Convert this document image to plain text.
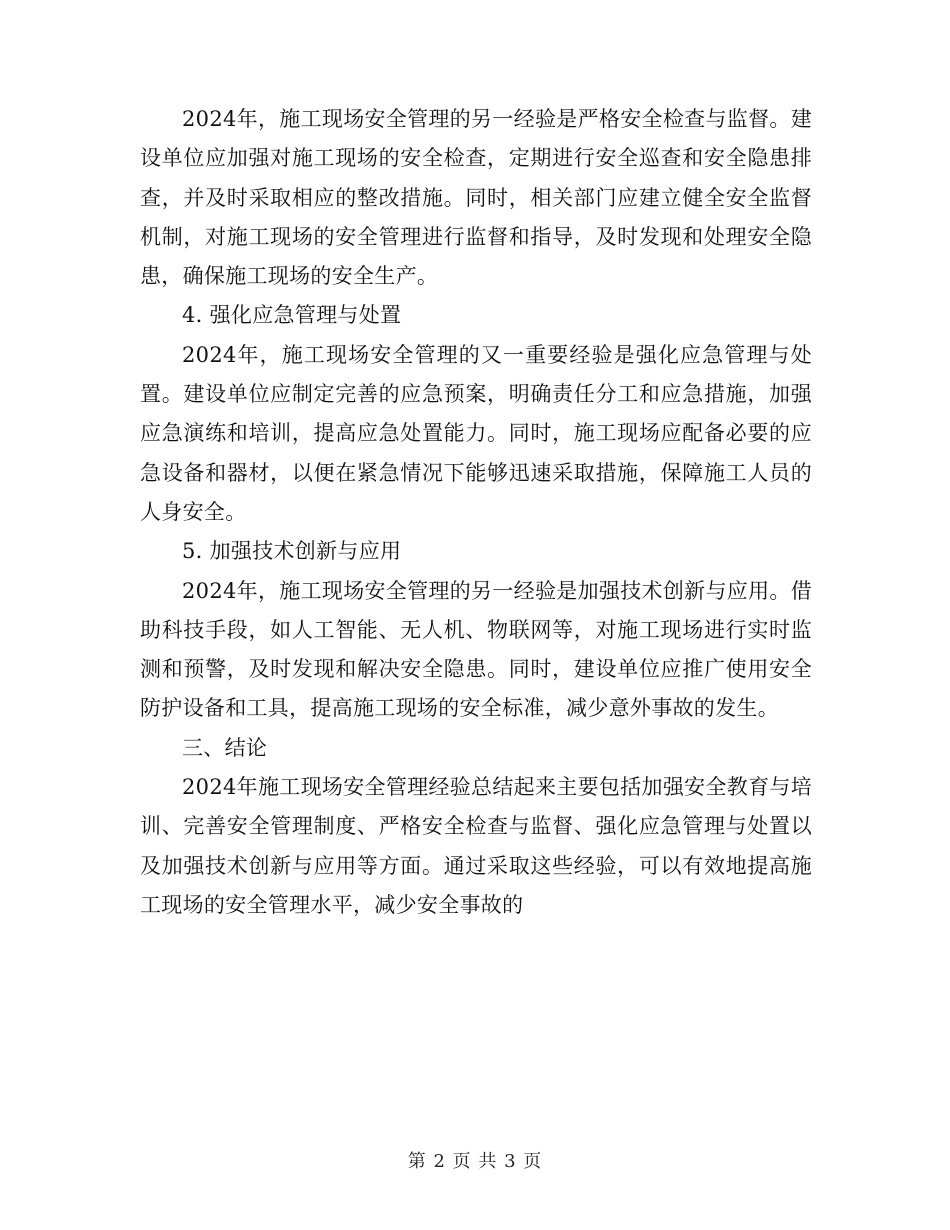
2024年，施工现场安全管理的另一经验是严格安全检查与监督。建设单位应加强对施工现场的安全检查，定期进行安全巡查和安全隐患排查，并及时采取相应的整改措施。同时，相关部门应建立健全安全监督机制，对施工现场的安全管理进行监督和指导，及时发现和处理安全隐患，确保施工现场的安全生产。

4. 强化应急管理与处置

2024年，施工现场安全管理的又一重要经验是强化应急管理与处置。建设单位应制定完善的应急预案，明确责任分工和应急措施，加强应急演练和培训，提高应急处置能力。同时，施工现场应配备必要的应急设备和器材，以便在紧急情况下能够迅速采取措施，保障施工人员的人身安全。

5. 加强技术创新与应用

2024年，施工现场安全管理的另一经验是加强技术创新与应用。借助科技手段，如人工智能、无人机、物联网等，对施工现场进行实时监测和预警，及时发现和解决安全隐患。同时，建设单位应推广使用安全防护设备和工具，提高施工现场的安全标准，减少意外事故的发生。

三、结论

2024年施工现场安全管理经验总结起来主要包括加强安全教育与培训、完善安全管理制度、严格安全检查与监督、强化应急管理与处置以及加强技术创新与应用等方面。通过采取这些经验，可以有效地提高施工现场的安全管理水平，减少安全事故的

第 2 页 共 3 页
